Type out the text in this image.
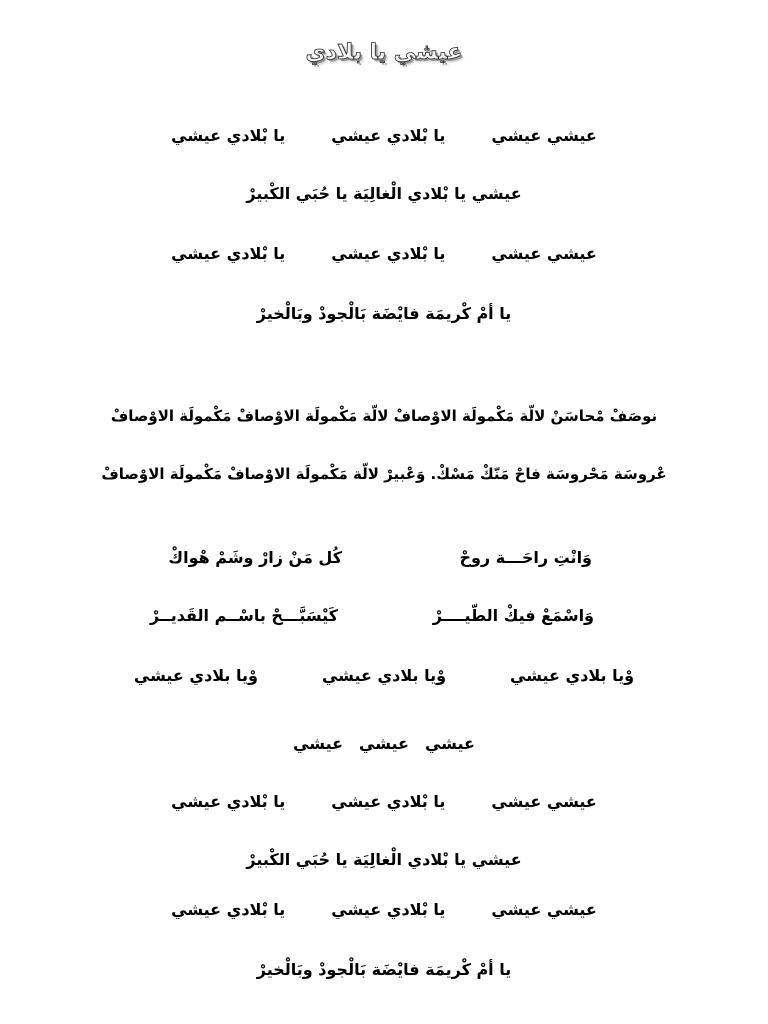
عيشي يا بلادي
عيشي عيشييا بْلادي عيشييا بْلادي عيشي
عيشي يا بْلادي الْغالِيَة يا حُبَي الكْبيرْ
عيشي عيشييا بْلادي عيشييا بْلادي عيشي
يا أمْ كْريمَة فايْضَة بَالْجودْ وبَالْخيرْ
نوصَفْ مْحاسَنْ لالّة مَكْمولَة الاوْصافْ لالّة مَكْمولَة الاوْصافْ مَكْمولَة الاوْصافْ
عْروسَة مَحْروسَة فاحْ مَنّكْ مَسْكْ. وَعْبيرْ لالّة مَكْمولَة الاوْصافْ مَكْمولَة الاوْصافْ
وَانْتِ راحَـــة روحْ
كُل مَنْ زارْ وشَمْ هْواكْ
وَاسْمَعْ فيكْ الطّيــــرْ
كَيْسَبَّـــحْ باسْــم القَديــرْ
وْيا بلادي عيشيوْيا بلادي عيشيوْيا بلادي عيشي
عيشيعيشيعيشي
عيشي عيشييا بْلادي عيشييا بْلادي عيشي
عيشي يا بْلادي الْغالِيَة يا حُبَي الكْبيرْ
عيشي عيشييا بْلادي عيشييا بْلادي عيشي
يا أمْ كْريمَة فايْضَة بَالْجودْ وبَالْخيرْ
